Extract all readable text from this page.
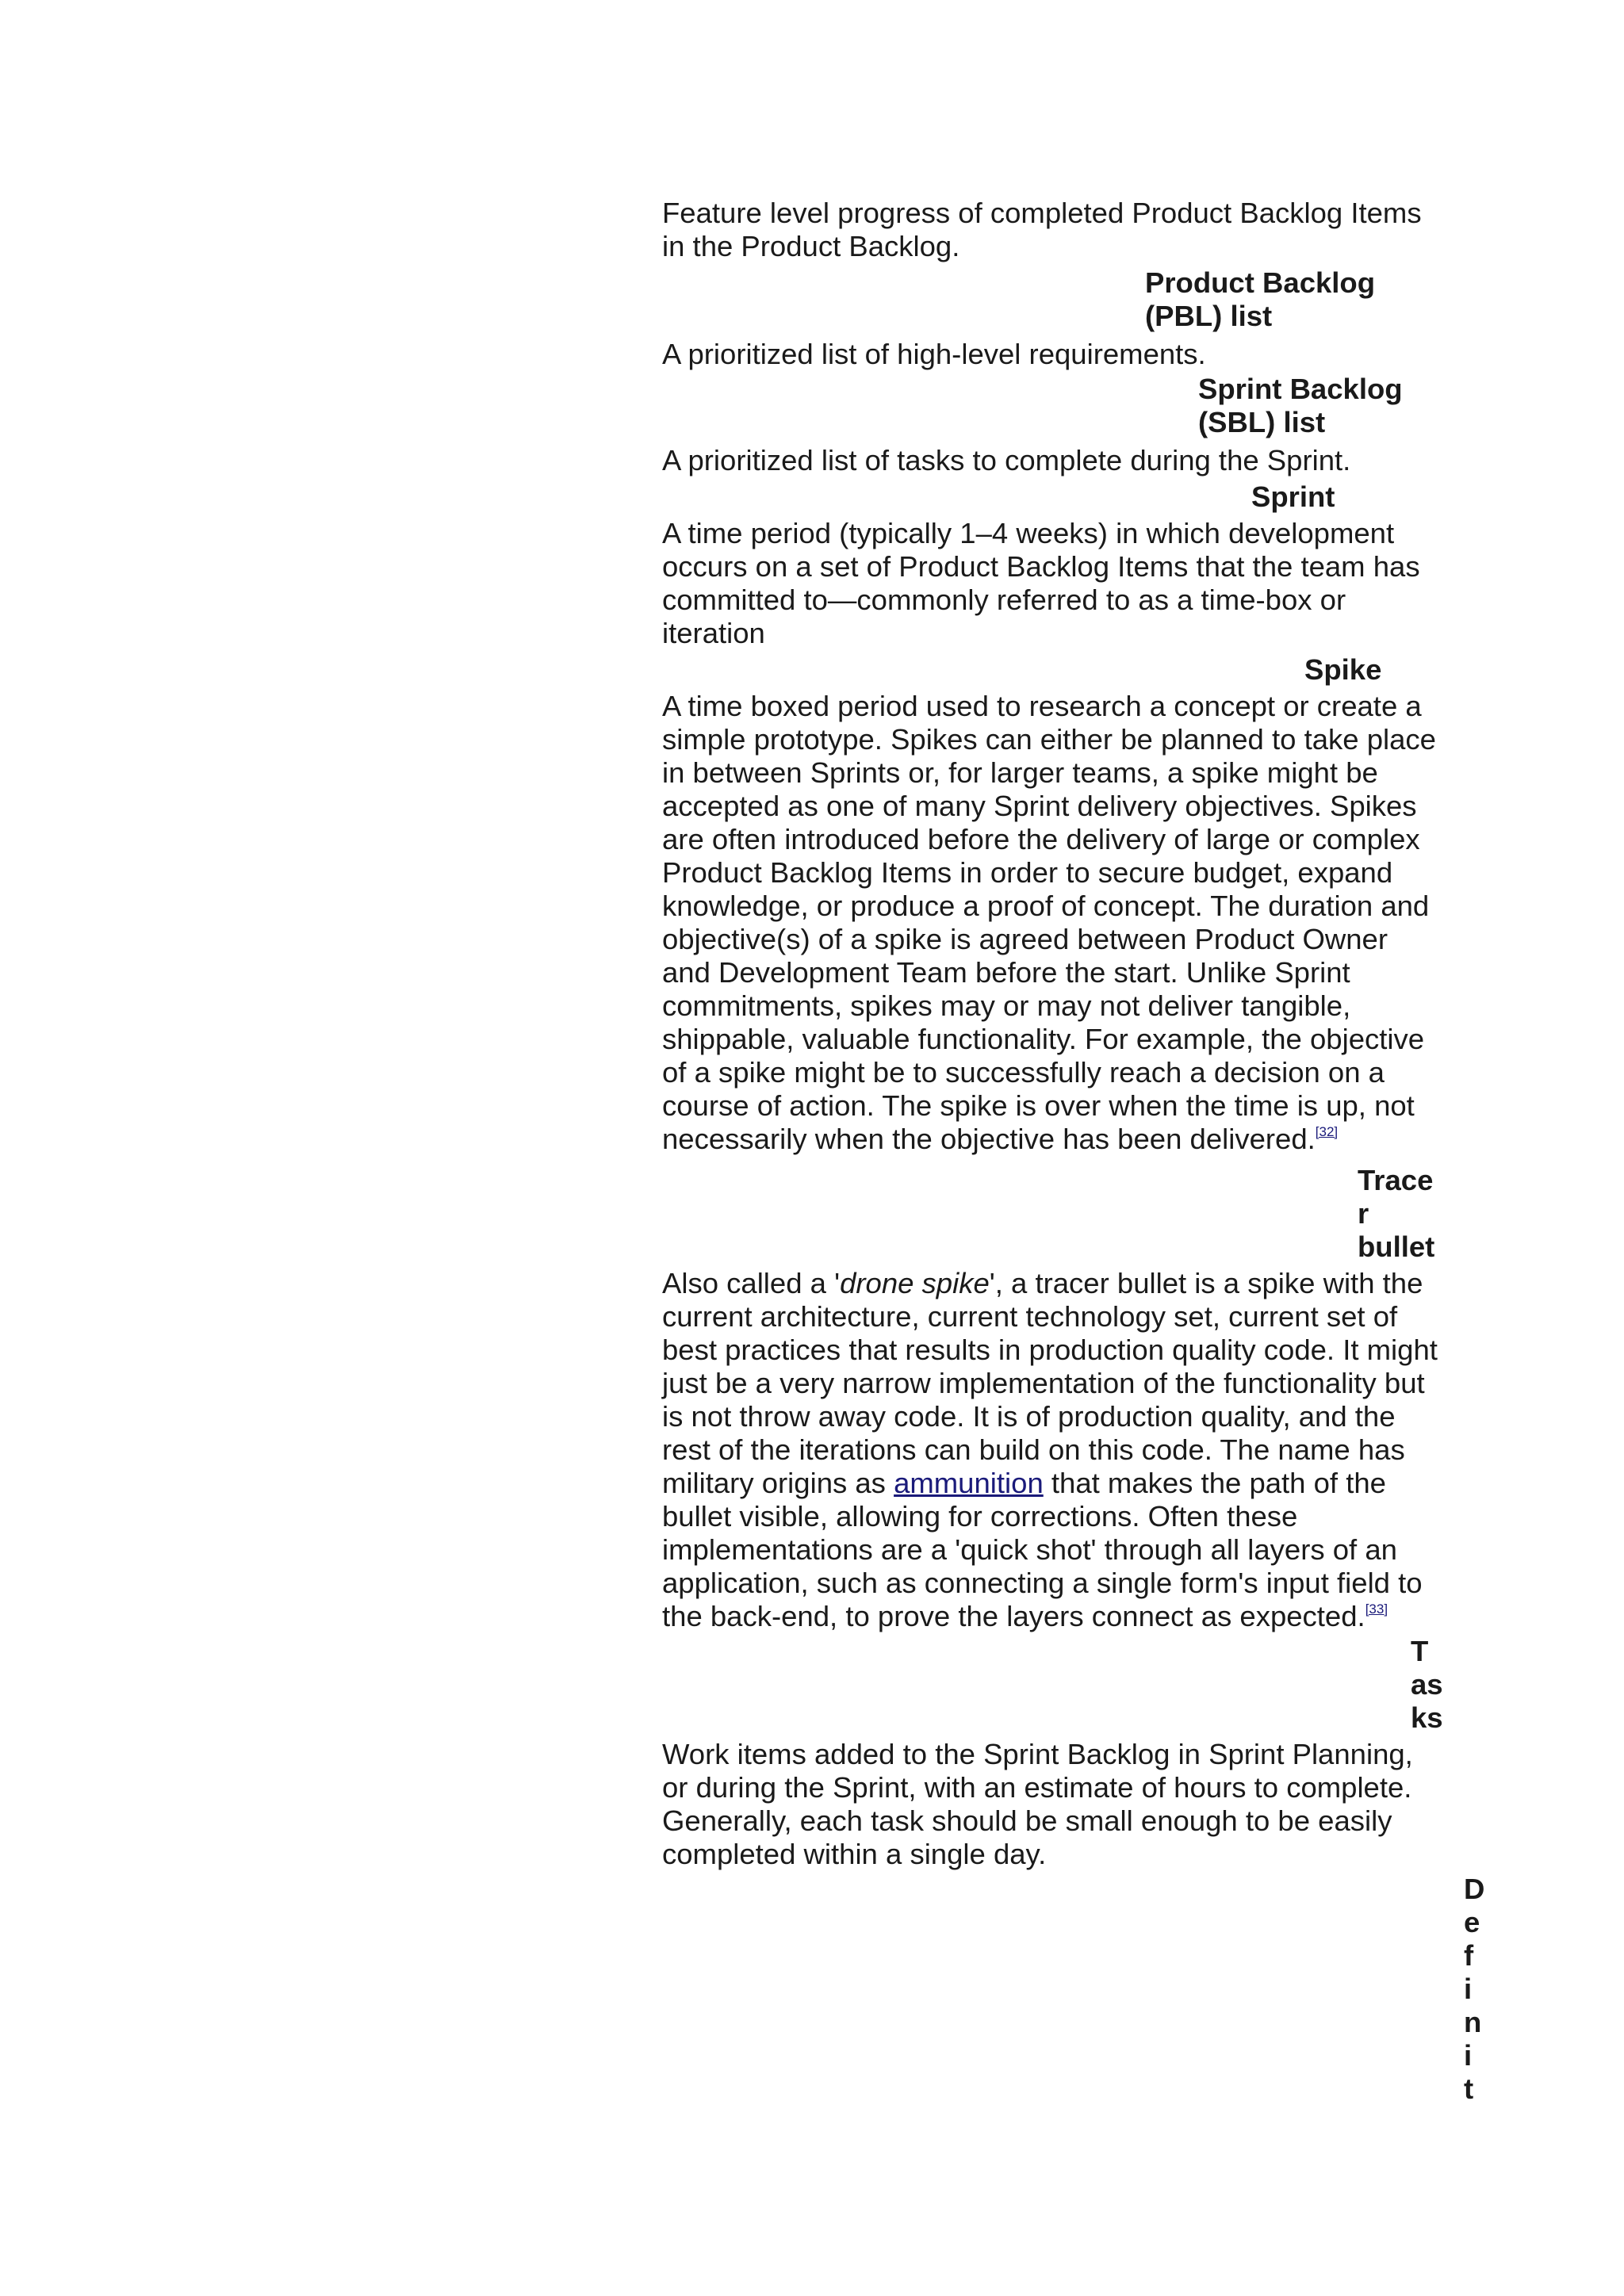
Feature level progress of completed Product Backlog Items
in the Product Backlog.

Product Backlog
(PBL) list

A prioritized list of high-level requirements.

Sprint Backlog
(SBL) list

A prioritized list of tasks to complete during the Sprint.

Sprint

A time period (typically 1–4 weeks) in which development
occurs on a set of Product Backlog Items that the team has
committed to—commonly referred to as a time-box or
iteration

Spike

A time boxed period used to research a concept or create a
simple prototype. Spikes can either be planned to take place
in between Sprints or, for larger teams, a spike might be
accepted as one of many Sprint delivery objectives. Spikes
are often introduced before the delivery of large or complex
Product Backlog Items in order to secure budget, expand
knowledge, or produce a proof of concept. The duration and
objective(s) of a spike is agreed between Product Owner
and Development Team before the start. Unlike Sprint
commitments, spikes may or may not deliver tangible,
shippable, valuable functionality. For example, the objective
of a spike might be to successfully reach a decision on a
course of action. The spike is over when the time is up, not
necessarily when the objective has been delivered.[32]

Trace
r
bullet

Also called a 'drone spike', a tracer bullet is a spike with the
current architecture, current technology set, current set of
best practices that results in production quality code. It might
just be a very narrow implementation of the functionality but
is not throw away code. It is of production quality, and the
rest of the iterations can build on this code. The name has
military origins as ammunition that makes the path of the
bullet visible, allowing for corrections. Often these
implementations are a 'quick shot' through all layers of an
application, such as connecting a single form's input field to
the back-end, to prove the layers connect as expected.[33]

T
as
ks

Work items added to the Sprint Backlog in Sprint Planning,
or during the Sprint, with an estimate of hours to complete.
Generally, each task should be small enough to be easily
completed within a single day.

D
e
f
i
n
i
t
